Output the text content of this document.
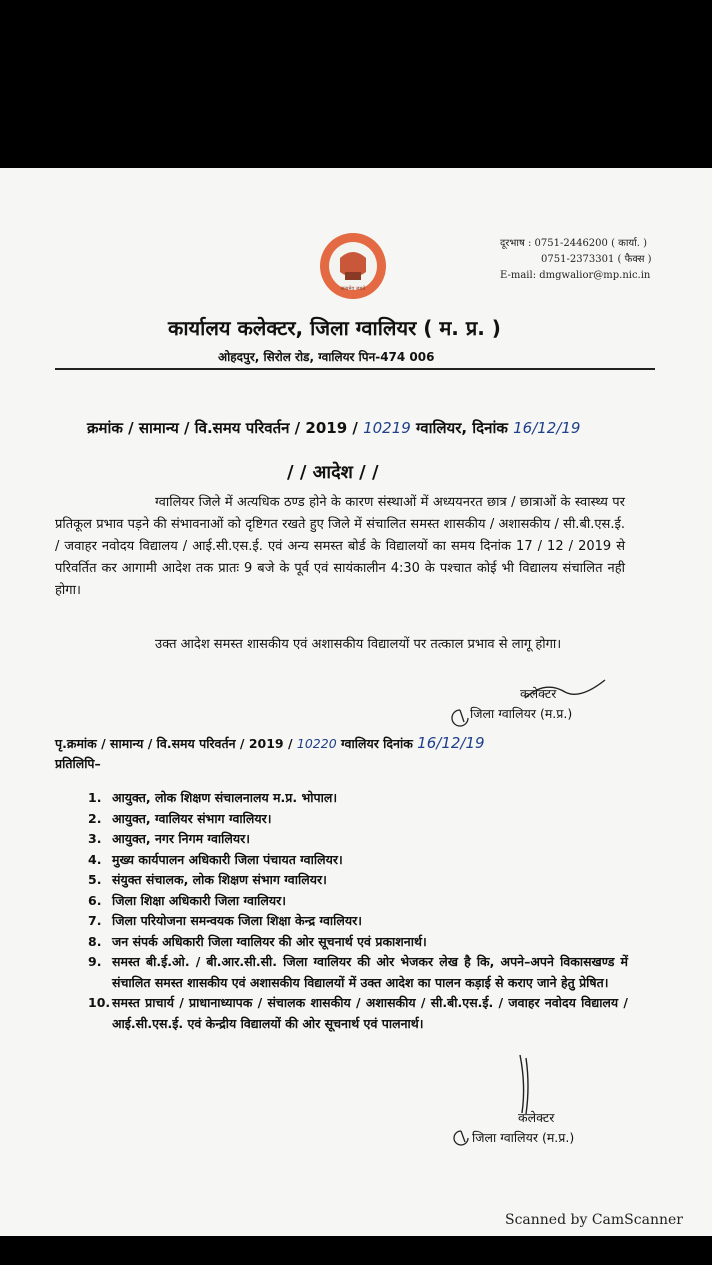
सत्यमेव जयते
दूरभाष : 0751-2446200 ( कार्या. )
0751-2373301 ( फैक्स )
E-mail: dmgwalior@mp.nic.in
कार्यालय कलेक्टर, जिला ग्वालियर ( म. प्र. )
ओहदपुर, सिरोल रोड, ग्वालियर पिन-474 006
क्रमांक / सामान्य / वि.समय परिवर्तन / 2019 / 10219 ग्वालियर, दिनांक 16/12/19
/ / आदेश / /
ग्वालियर जिले में अत्यधिक ठण्ड होने के कारण संस्थाओं में अध्ययनरत छात्र / छात्राओं के स्वास्थ्य पर प्रतिकूल प्रभाव पड़ने की संभावनाओं को दृष्टिगत रखते हुए जिले में संचालित समस्त शासकीय / अशासकीय / सी.बी.एस.ई. / जवाहर नवोदय विद्यालय / आई.सी.एस.ई. एवं अन्य समस्त बोर्ड के विद्यालयों का समय दिनांक 17 / 12 / 2019 से परिवर्तित कर आगामी आदेश तक प्रातः 9 बजे के पूर्व एवं सायंकालीन 4:30 के पश्चात कोई भी विद्यालय संचालित नही होगा।
उक्त आदेश समस्त शासकीय एवं अशासकीय विद्यालयों पर तत्काल प्रभाव से लागू होगा।
कलेक्टर
जिला ग्वालियर (म.प्र.)
पृ.क्रमांक / सामान्य / वि.समय परिवर्तन / 2019 / 10220 ग्वालियर दिनांक 16/12/19
प्रतिलिपि–
1. आयुक्त, लोक शिक्षण संचालनालय म.प्र. भोपाल।
2. आयुक्त, ग्वालियर संभाग ग्वालियर।
3. आयुक्त, नगर निगम ग्वालियर।
4. मुख्य कार्यपालन अधिकारी जिला पंचायत ग्वालियर।
5. संयुक्त संचालक, लोक शिक्षण संभाग ग्वालियर।
6. जिला शिक्षा अधिकारी जिला ग्वालियर।
7. जिला परियोजना समन्वयक जिला शिक्षा केन्द्र ग्वालियर।
8. जन संपर्क अधिकारी जिला ग्वालियर की ओर सूचनार्थ एवं प्रकाशनार्थ।
9. समस्त बी.ई.ओ. / बी.आर.सी.सी. जिला ग्वालियर की ओर भेजकर लेख है कि, अपने–अपने विकासखण्ड में संचालित समस्त शासकीय एवं अशासकीय विद्यालयों में उक्त आदेश का पालन कड़ाई से कराए जाने हेतु प्रेषित।
10. समस्त प्राचार्य / प्राधानाध्यापक / संचालक शासकीय / अशासकीय / सी.बी.एस.ई. / जवाहर नवोदय विद्यालय / आई.सी.एस.ई. एवं केन्द्रीय विद्यालयों की ओर सूचनार्थ एवं पालनार्थ।
कलेक्टर
जिला ग्वालियर (म.प्र.)
Scanned by CamScanner
